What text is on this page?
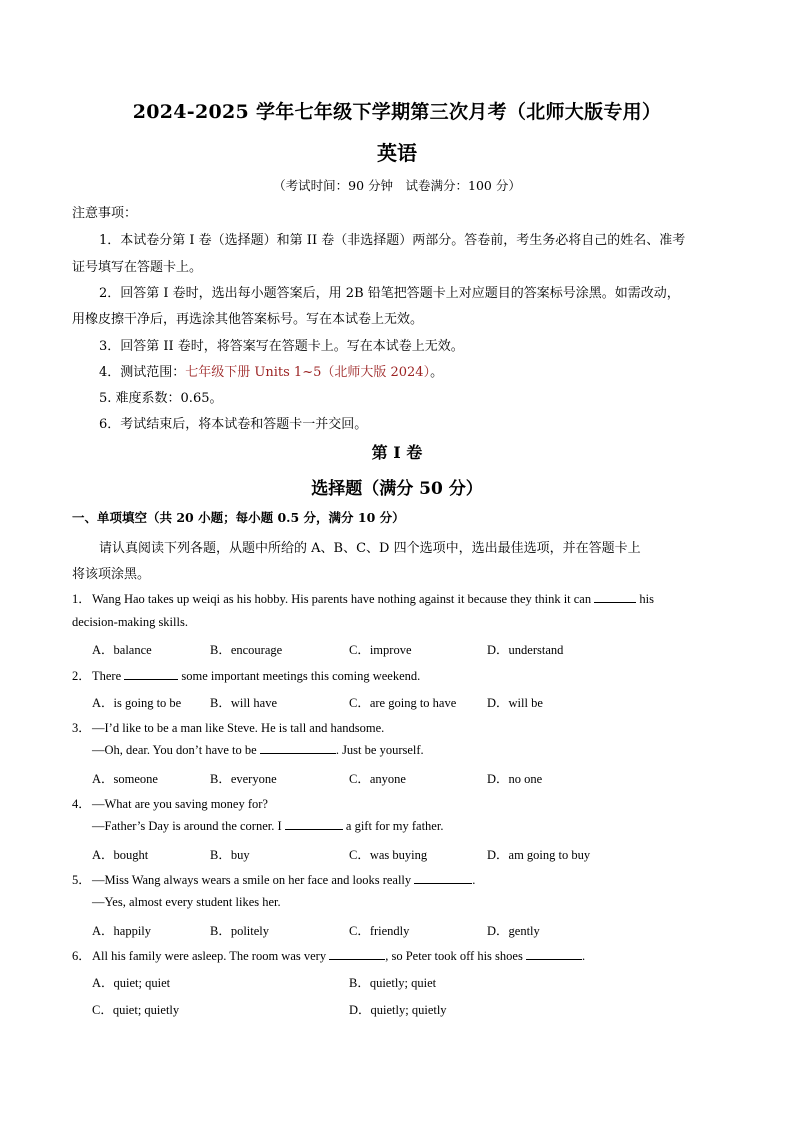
2024-2025 学年七年级下学期第三次月考（北师大版专用）
英语
（考试时间：90 分钟　试卷满分：100 分）
注意事项：
1．本试卷分第 I 卷（选择题）和第 II 卷（非选择题）两部分。答卷前，考生务必将自己的姓名、准考
证号填写在答题卡上。
2．回答第 I 卷时，选出每小题答案后，用 2B 铅笔把答题卡上对应题目的答案标号涂黑。如需改动，
用橡皮擦干净后，再选涂其他答案标号。写在本试卷上无效。
3．回答第 II 卷时，将答案写在答题卡上。写在本试卷上无效。
4．测试范围：七年级下册 Units 1~5（北师大版 2024）。
5. 难度系数：0.65。
6．考试结束后，将本试卷和答题卡一并交回。
第 I 卷
选择题（满分 50 分）
一、单项填空（共 20 小题；每小题 0.5 分，满分 10 分）
请认真阅读下列各题，从题中所给的 A、B、C、D 四个选项中，选出最佳选项，并在答题卡上
将该项涂黑。
1．Wang Hao takes up weiqi as his hobby. His parents have nothing against it because they think it can	his
decision-making skills.
A．balance	B．encourage	C．improve	D．understand
2．There	some important meetings this coming weekend.
A．is going to be B．will have	C．are going to have D．will be
3．—I’d like to be a man like Steve. He is tall and handsome.
—Oh, dear. You don’t have to be	. Just be yourself.
A．someone	B．everyone	C．anyone	D．no one
4．—What are you saving money for?
—Father’s Day is around the corner. I	a gift for my father.
A．bought	B．buy	C．was buying	D．am going to buy
5．—Miss Wang always wears a smile on her face and looks really	.
—Yes, almost every student likes her.
A．happily	B．politely	C．friendly	D．gently
6．All his family were asleep. The room was very	, so Peter took off his shoes	.
A．quiet; quiet	B．quietly; quiet
C．quiet; quietly	D．quietly; quietly
